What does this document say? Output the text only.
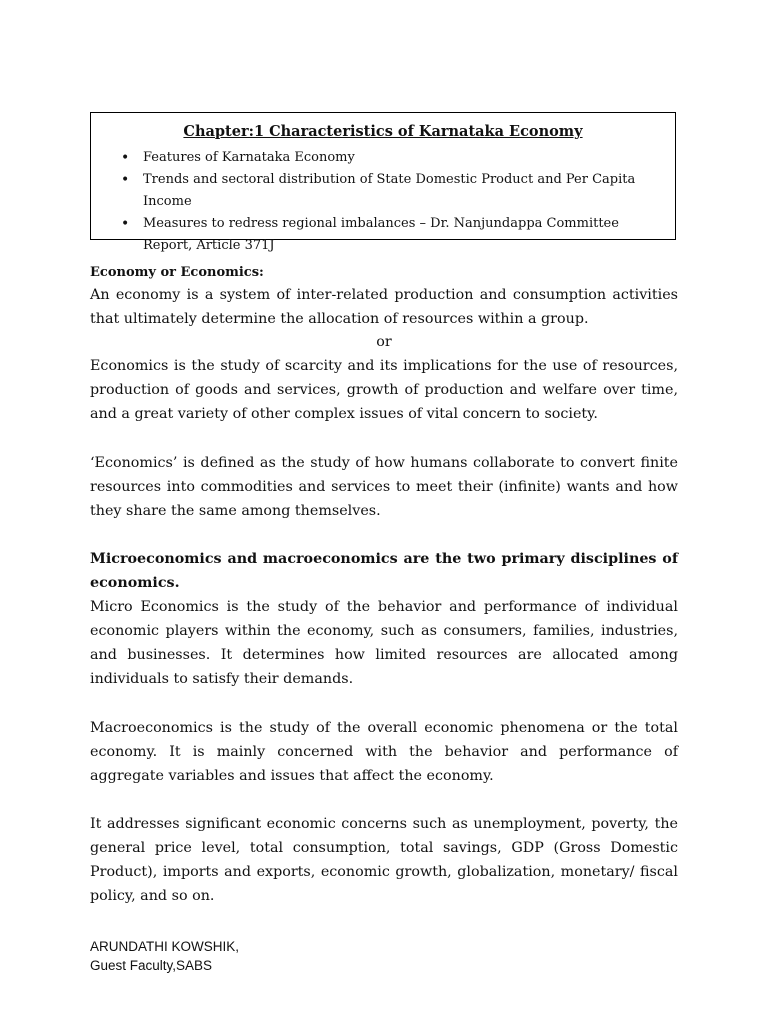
Chapter:1 Characteristics of Karnataka Economy
• Features of Karnataka Economy
• Trends and sectoral distribution of State Domestic Product and Per Capita Income
• Measures to redress regional imbalances – Dr. Nanjundappa Committee Report, Article 371J
Economy or Economics:
An economy is a system of inter-related production and consumption activities that ultimately determine the allocation of resources within a group.
or
Economics is the study of scarcity and its implications for the use of resources, production of goods and services, growth of production and welfare over time, and a great variety of other complex issues of vital concern to society.
‘Economics’ is defined as the study of how humans collaborate to convert finite resources into commodities and services to meet their (infinite) wants and how they share the same among themselves.
Microeconomics and macroeconomics are the two primary disciplines of economics.
Micro Economics is the study of the behavior and performance of individual economic players within the economy, such as consumers, families, industries, and businesses. It determines how limited resources are allocated among individuals to satisfy their demands.
Macroeconomics is the study of the overall economic phenomena or the total economy. It is mainly concerned with the behavior and performance of aggregate variables and issues that affect the economy.
It addresses significant economic concerns such as unemployment, poverty, the general price level, total consumption, total savings, GDP (Gross Domestic Product), imports and exports, economic growth, globalization, monetary/ fiscal policy, and so on.
ARUNDATHI KOWSHIK,
Guest Faculty,SABS
